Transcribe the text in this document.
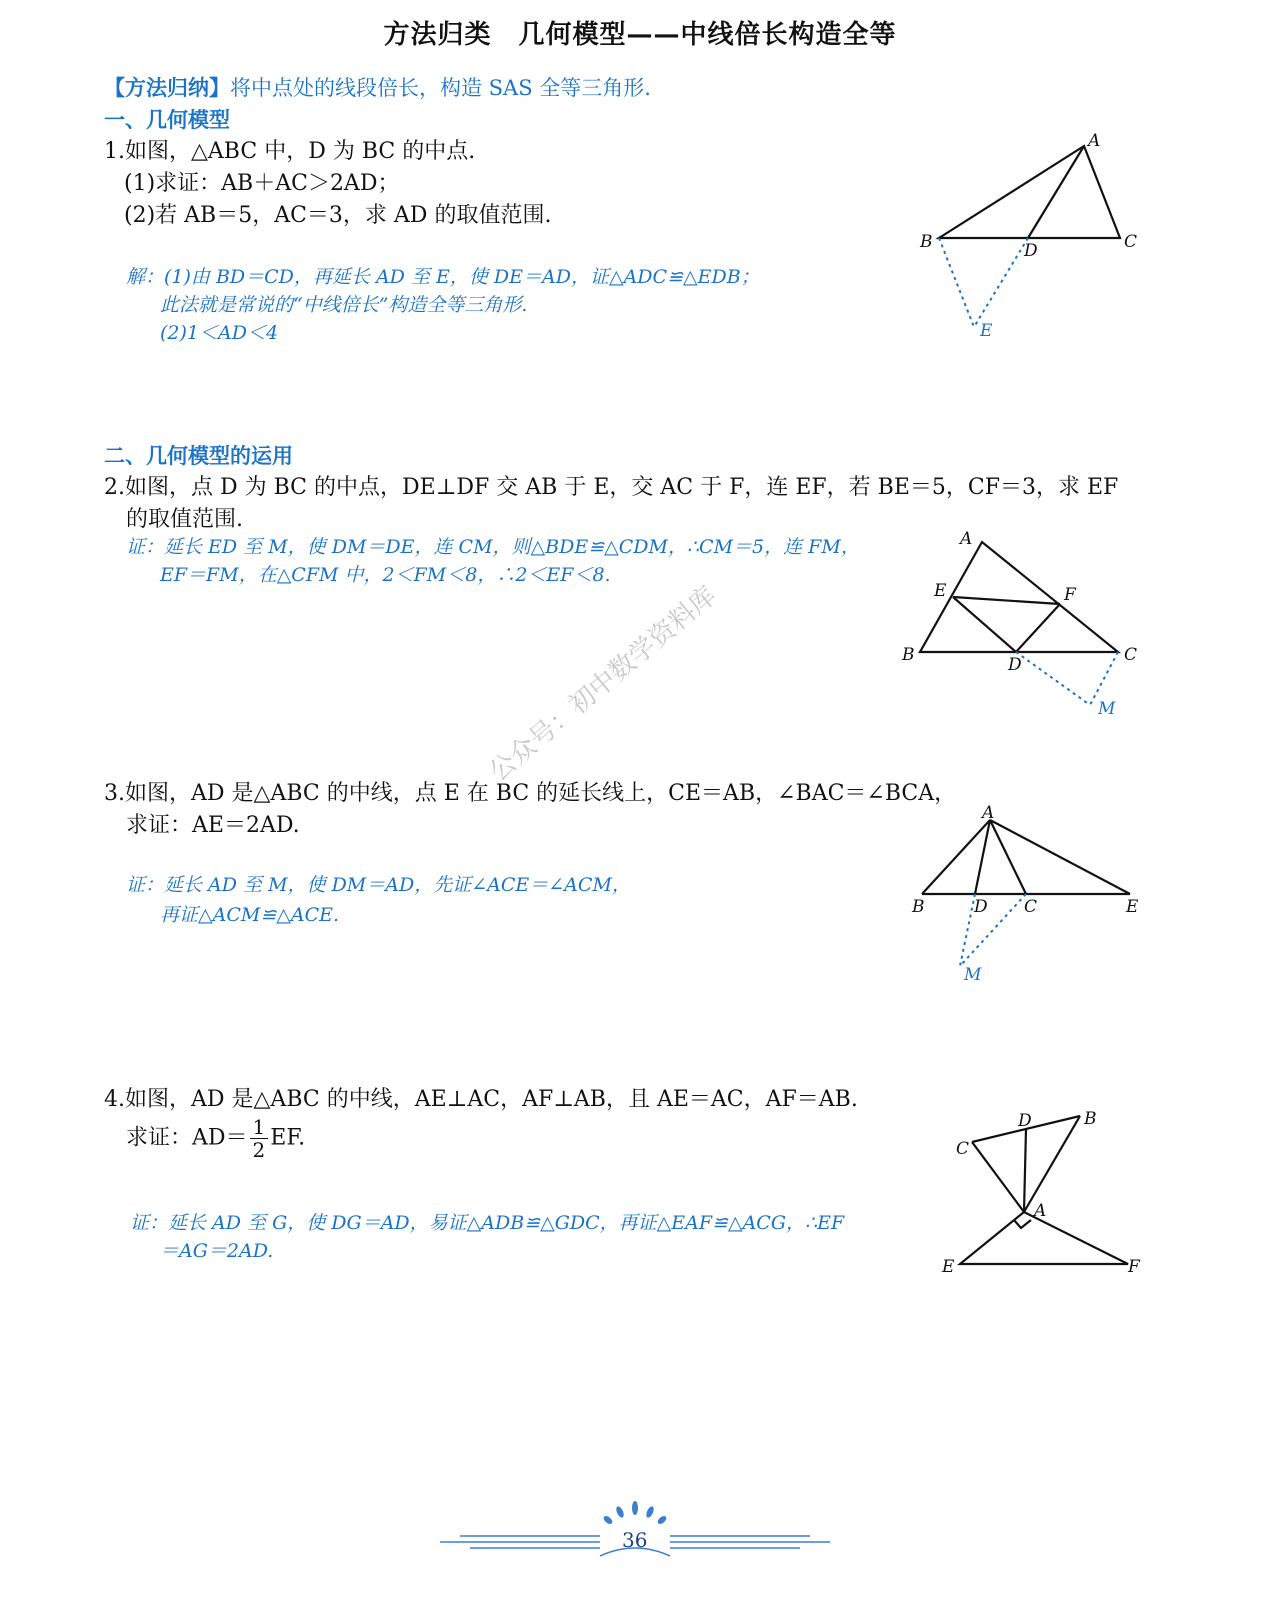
方法归类　几何模型——中线倍长构造全等
【方法归纳】将中点处的线段倍长，构造 SAS 全等三角形.
一、几何模型
1.如图，△ABC 中，D 为 BC 的中点.
(1)求证：AB＋AC＞2AD；
(2)若 AB＝5，AC＝3，求 AD 的取值范围.
解：(1)由 BD＝CD，再延长 AD 至 E，使 DE＝AD，证△ADC≌△EDB；
此法就是常说的“中线倍长”构造全等三角形.
(2)1＜AD＜4
A
B	C
D
E
二、几何模型的运用
2.如图，点 D 为 BC 的中点，DE⊥DF 交 AB 于 E，交 AC 于 F，连 EF，若 BE＝5，CF＝3，求 EF
的取值范围.
证：延长 ED 至 M，使 DM＝DE，连 CM，则△BDE≌△CDM，∴CM＝5，连 FM，
EF＝FM，在△CFM 中，2＜FM＜8，∴2＜EF＜8.
A
B	C
D
E	F
M
公众号：初中数学资料库
3.如图，AD 是△ABC 的中线，点 E 在 BC 的延长线上，CE＝AB，∠BAC＝∠BCA，
求证：AE＝2AD.
证：延长 AD 至 M，使 DM＝AD，先证∠ACE＝∠ACM，
再证△ACM≌△ACE.
A
B	C
D	E
M
4.如图，AD 是△ABC 的中线，AE⊥AC，AF⊥AB，且 AE＝AC，AF＝AB.
求证：$AD= \frac{1}{2}$ EF.
证：延长 AD 至 G，使 DG＝AD，易证△ADB≌△GDC，再证△EAF≌△ACG，∴EF
＝AG＝2AD.
D	B
C
A
E	F
36
